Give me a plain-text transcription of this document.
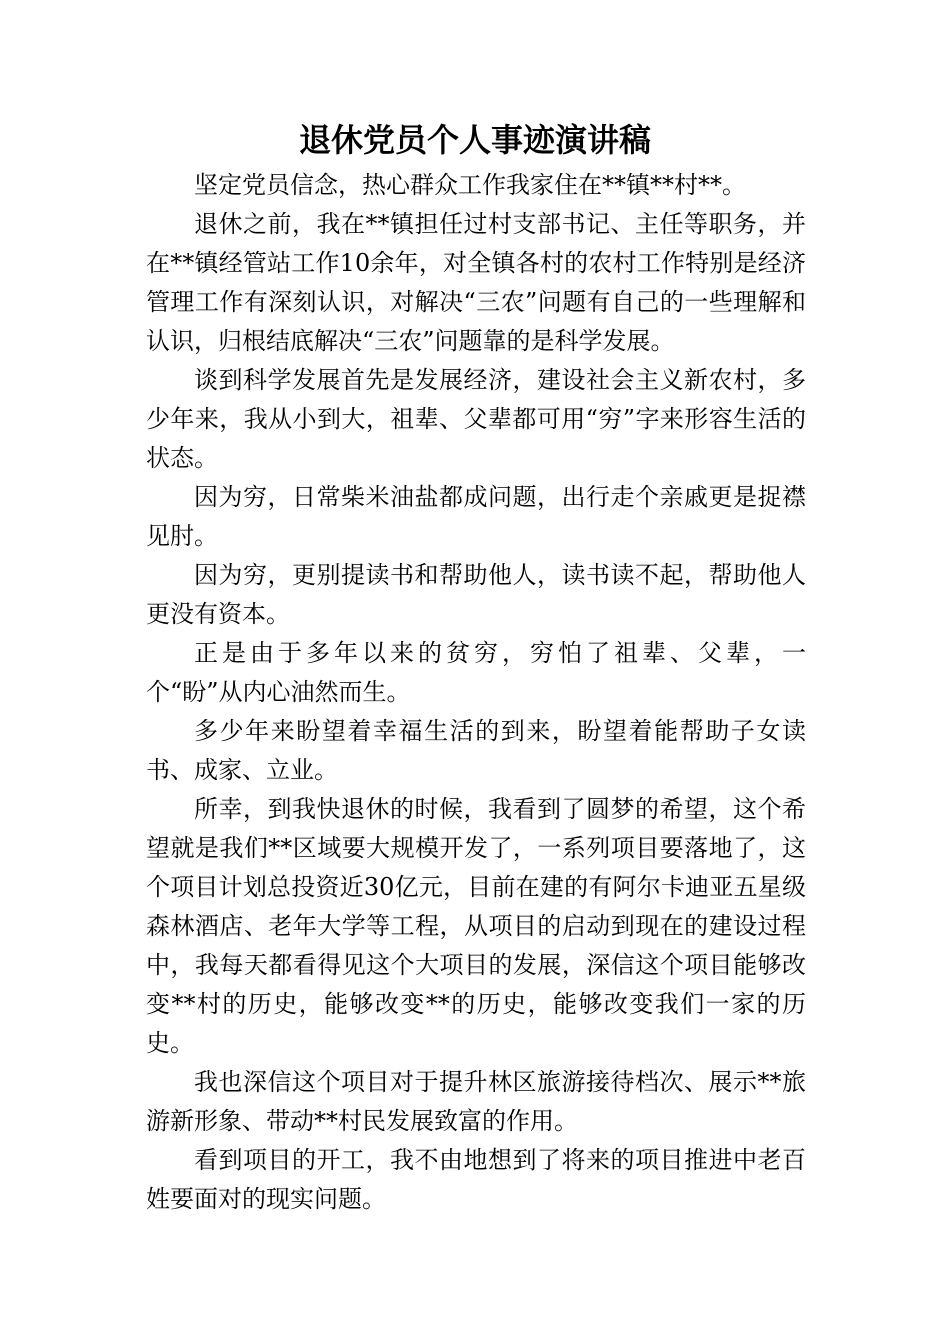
退休党员个人事迹演讲稿

坚定党员信念，热心群众工作我家住在**镇**村**。

退休之前，我在**镇担任过村支部书记、主任等职务，并在**镇经管站工作10余年，对全镇各村的农村工作特别是经济管理工作有深刻认识，对解决“三农”问题有自己的一些理解和认识，归根结底解决“三农”问题靠的是科学发展。

谈到科学发展首先是发展经济，建设社会主义新农村，多少年来，我从小到大，祖辈、父辈都可用“穷”字来形容生活的状态。

因为穷，日常柴米油盐都成问题，出行走个亲戚更是捉襟见肘。

因为穷，更别提读书和帮助他人，读书读不起，帮助他人更没有资本。

正是由于多年以来的贫穷，穷怕了祖辈、父辈，一个“盼”从内心油然而生。

多少年来盼望着幸福生活的到来，盼望着能帮助子女读书、成家、立业。

所幸，到我快退休的时候，我看到了圆梦的希望，这个希望就是我们**区域要大规模开发了，一系列项目要落地了，这个项目计划总投资近30亿元，目前在建的有阿尔卡迪亚五星级森林酒店、老年大学等工程，从项目的启动到现在的建设过程中，我每天都看得见这个大项目的发展，深信这个项目能够改变**村的历史，能够改变**的历史，能够改变我们一家的历史。

我也深信这个项目对于提升林区旅游接待档次、展示**旅游新形象、带动**村民发展致富的作用。

看到项目的开工，我不由地想到了将来的项目推进中老百姓要面对的现实问题。
